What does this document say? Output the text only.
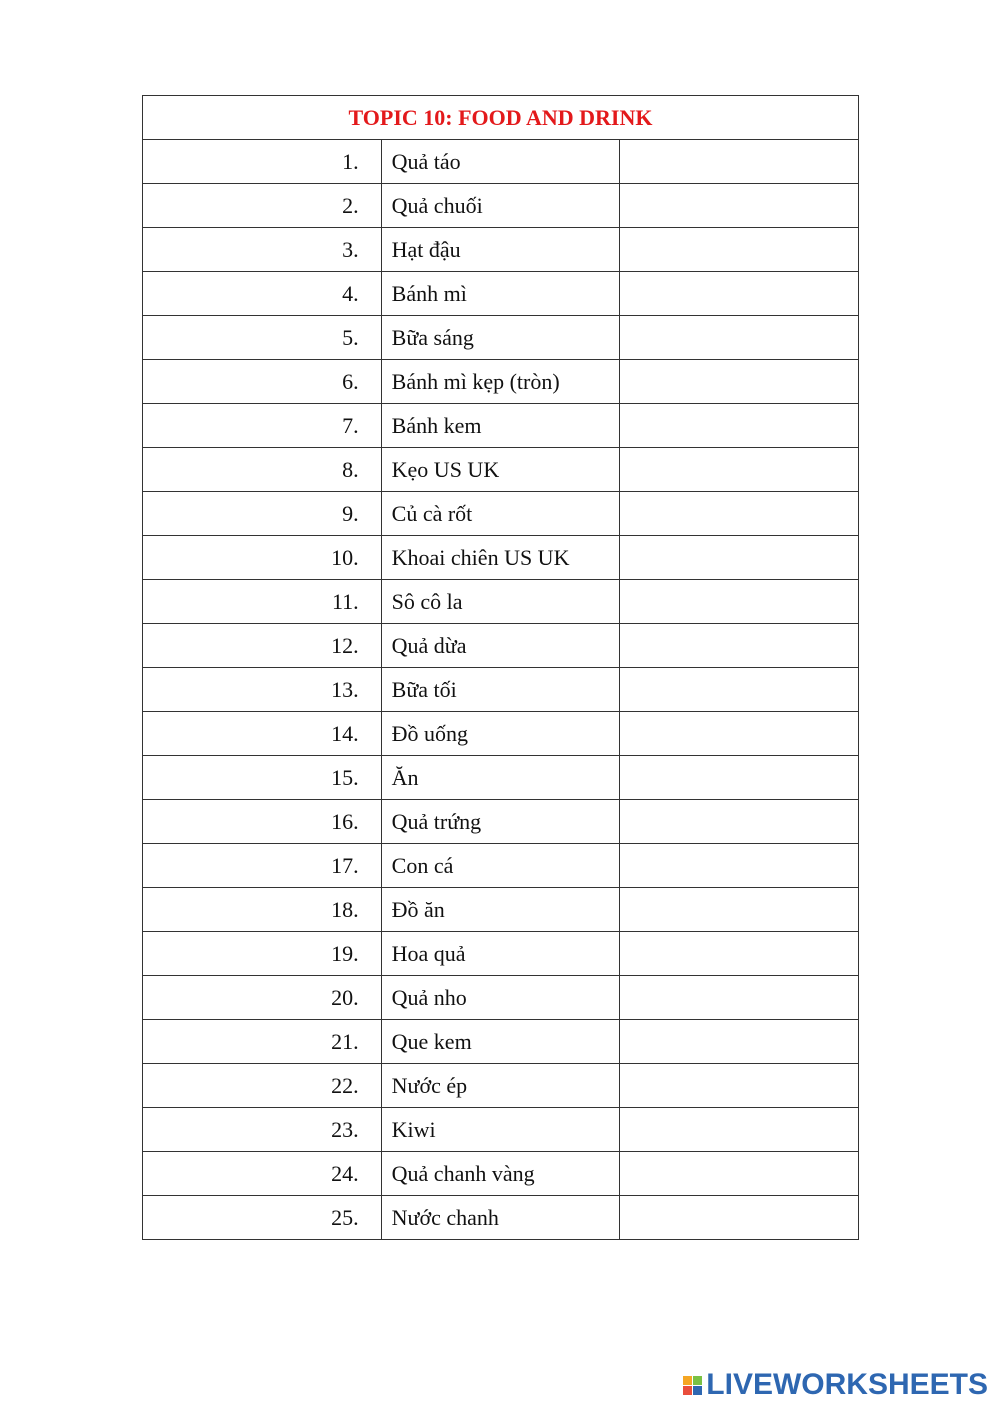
TOPIC 10: FOOD AND DRINK		
1.	Quả táo	
2.	Quả chuối	
3.	Hạt đậu	
4.	Bánh mì	
5.	Bữa sáng	
6.	Bánh mì kẹp (tròn)	
7.	Bánh kem	
8.	Kẹo US UK	
9.	Củ cà rốt	
10.	Khoai chiên US UK	
11.	Sô cô la	
12.	Quả dừa	
13.	Bữa tối	
14.	Đồ uống	
15.	Ăn	
16.	Quả trứng	
17.	Con cá	
18.	Đồ ăn	
19.	Hoa quả	
20.	Quả nho	
21.	Que kem	
22.	Nước ép	
23.	Kiwi	
24.	Quả chanh vàng	
25.	Nước chanh	
LIVEWORKSHEETS
